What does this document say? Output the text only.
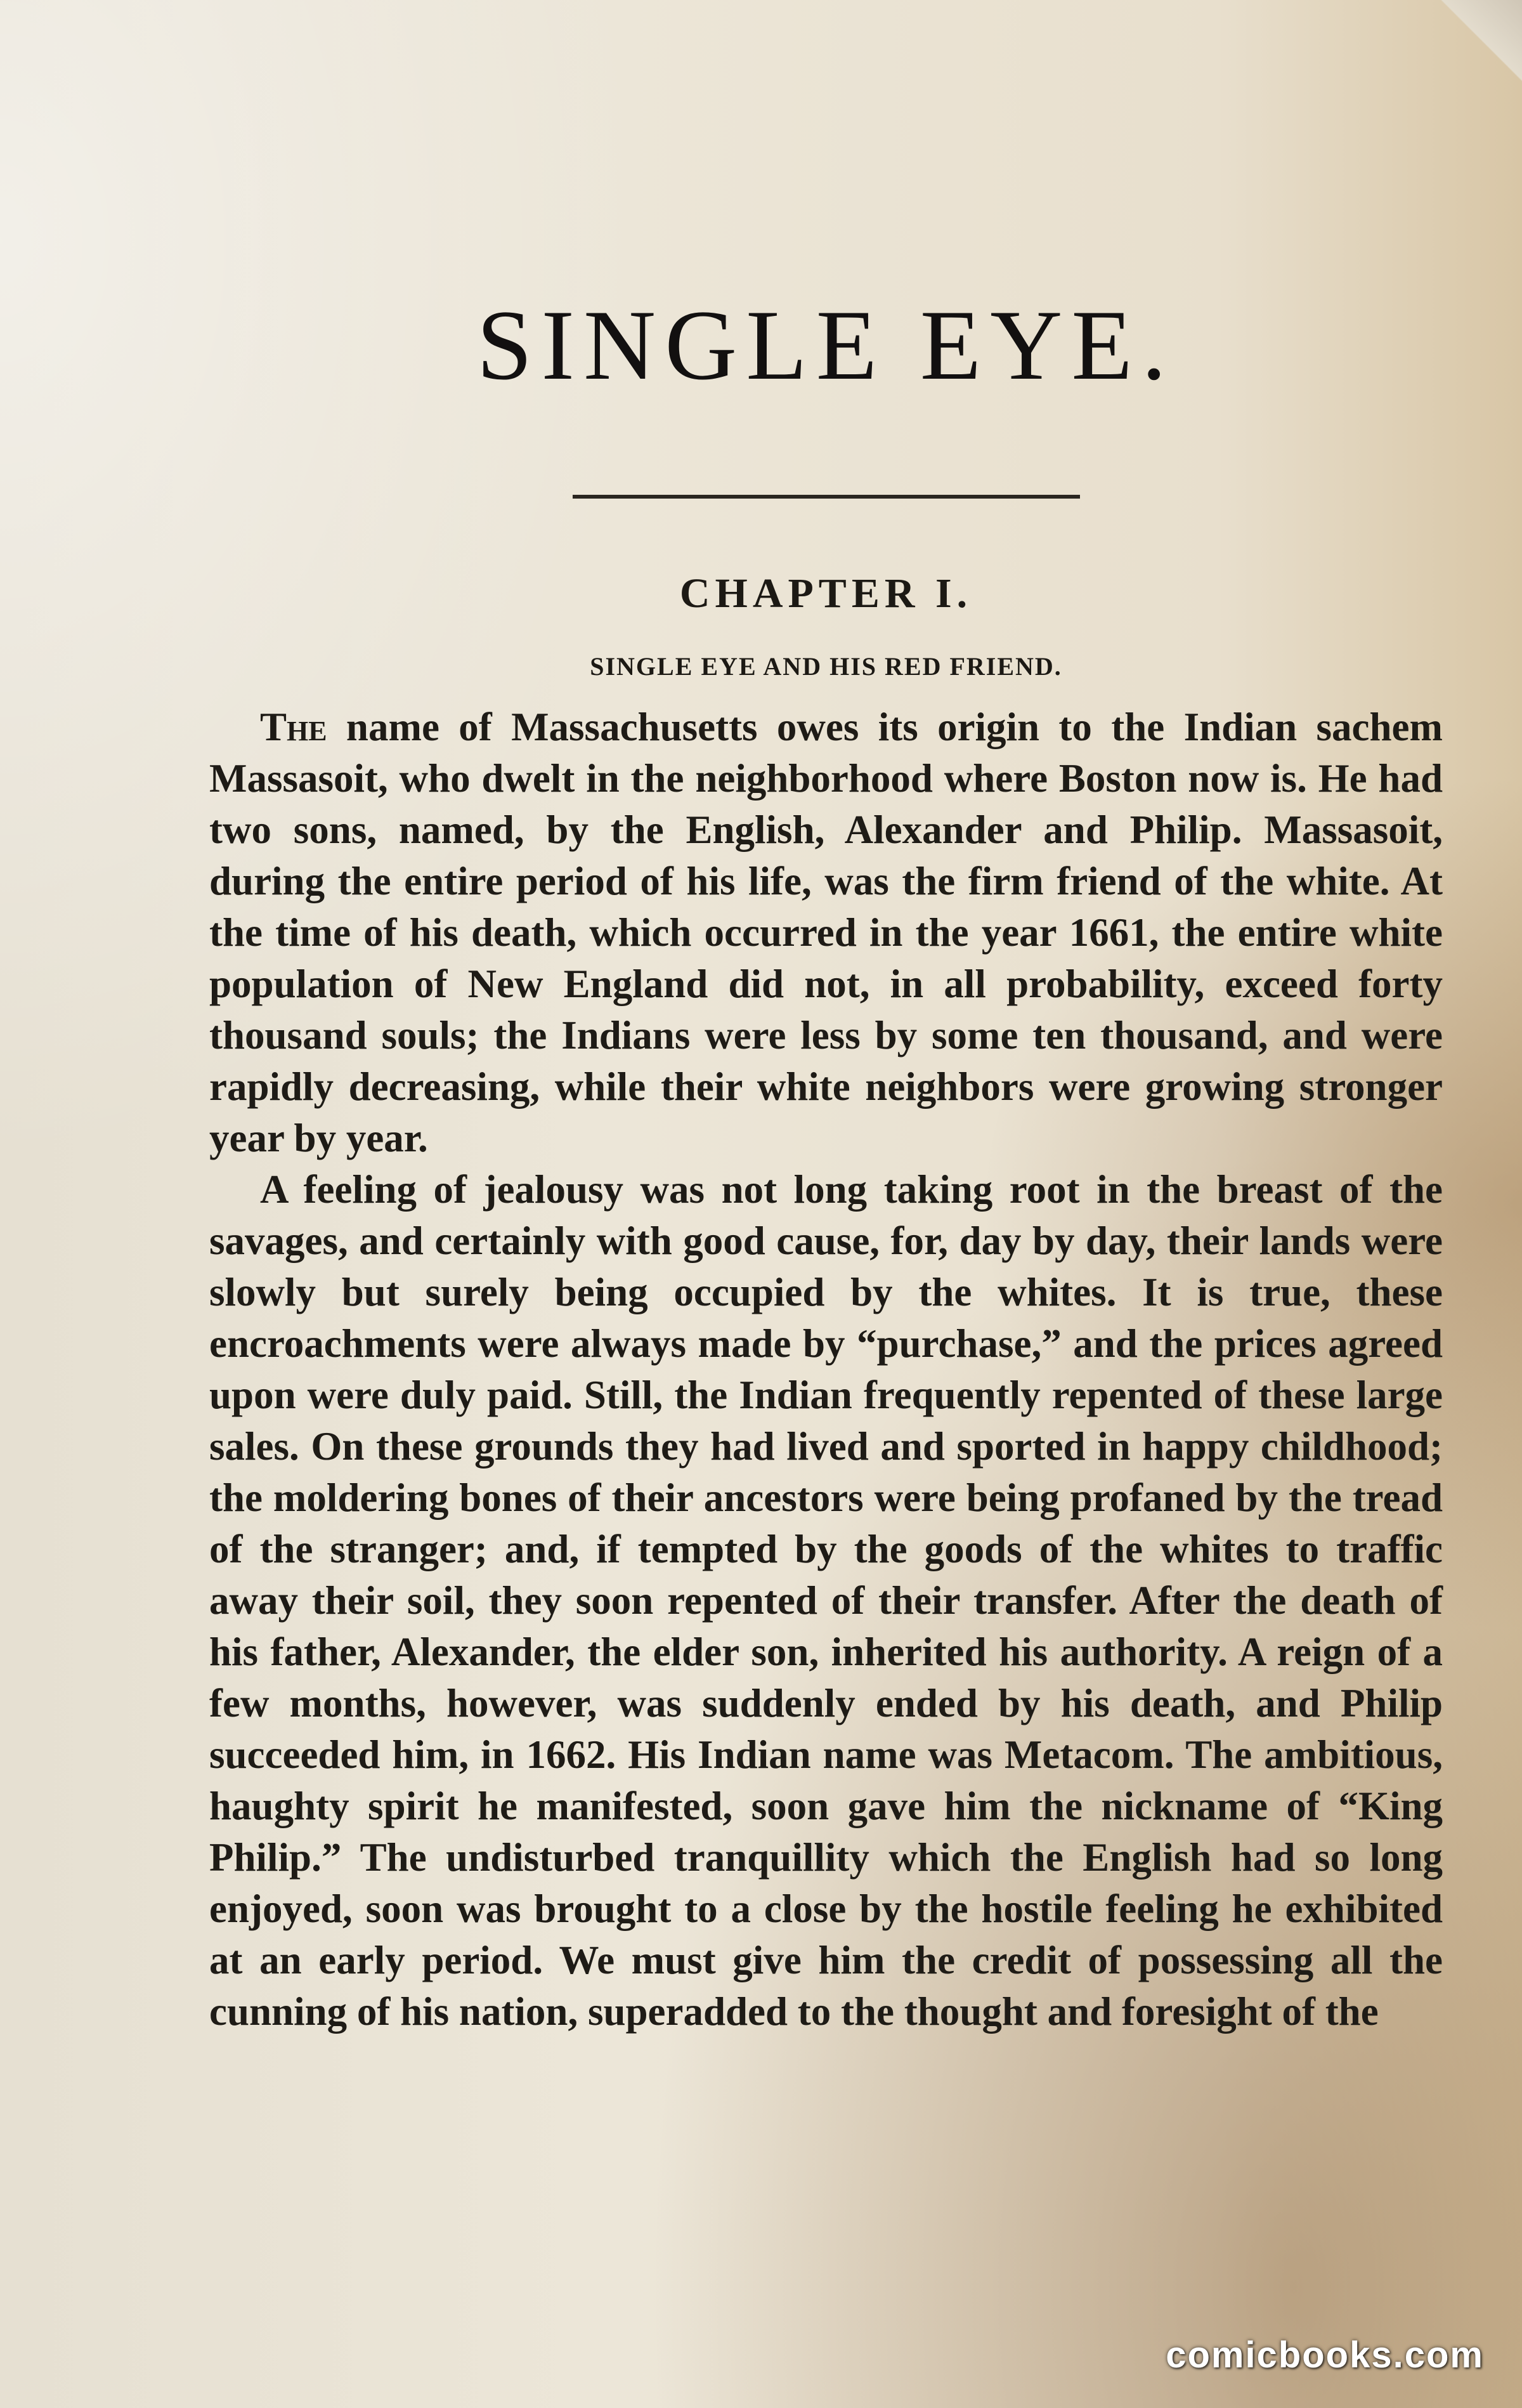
SINGLE EYE.
CHAPTER I.
SINGLE EYE AND HIS RED FRIEND.

The name of Massachusetts owes its origin to the Indian sachem Massasoit, who dwelt in the neighborhood where Boston now is. He had two sons, named, by the English, Alexander and Philip. Massasoit, during the entire period of his life, was the firm friend of the white. At the time of his death, which occurred in the year 1661, the entire white population of New England did not, in all probability, exceed forty thousand souls; the Indians were less by some ten thousand, and were rapidly decreasing, while their white neighbors were growing stronger year by year.

A feeling of jealousy was not long taking root in the breast of the savages, and certainly with good cause, for, day by day, their lands were slowly but surely being occupied by the whites. It is true, these encroachments were always made by “purchase,” and the prices agreed upon were duly paid. Still, the Indian frequently repented of these large sales. On these grounds they had lived and sported in happy childhood; the moldering bones of their ancestors were being profaned by the tread of the stranger; and, if tempted by the goods of the whites to traffic away their soil, they soon repented of their transfer. After the death of his father, Alexander, the elder son, inherited his authority. A reign of a few months, however, was suddenly ended by his death, and Philip succeeded him, in 1662. His Indian name was Metacom. The ambitious, haughty spirit he manifested, soon gave him the nickname of “King Philip.” The undisturbed tranquillity which the English had so long enjoyed, soon was brought to a close by the hostile feeling he exhibited at an early period. We must give him the credit of possessing all the cunning of his nation, superadded to the thought and foresight of the

comicbooks.com
